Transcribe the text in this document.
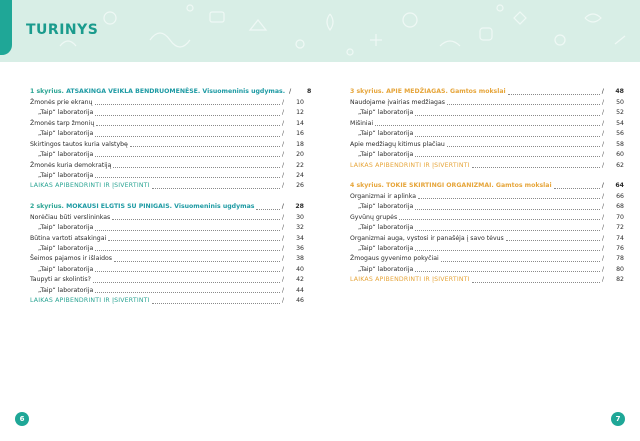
TURINYS
1 skyrius. ATSAKINGA VEIKLA BENDRUOMENĖSE. Visuomeninis ugdymas. /	8
Žmonės prie ekranų	/	10
„Taip“ laboratorija	/	12
Žmonės tarp žmonių	/	14
„Taip“ laboratorija	/	16
Skirtingos tautos kuria valstybę	/	18
„Taip“ laboratorija	/	20
Žmonės kuria demokratiją	/	22
„Taip“ laboratorija	/	24
LAIKAS APIBENDRINTI IR ĮSIVERTINTI	/	26
2 skyrius. MOKAUSI ELGTIS SU PINIGAIS. Visuomeninis ugdymas	/	28
Norėčiau būti verslininkas	/	30
„Taip“ laboratorija	/	32
Būtina vartoti atsakingai	/	34
„Taip“ laboratorija	/	36
Šeimos pajamos ir išlaidos	/	38
„Taip“ laboratorija	/	40
Taupyti ar skolintis?	/	42
„Taip“ laboratorija	/	44
LAIKAS APIBENDRINTI IR ĮSIVERTINTI	/	46
3 skyrius. APIE MEDŽIAGAS. Gamtos mokslai	/	48
Naudojame įvairias medžiagas	/	50
„Taip“ laboratorija	/	52
Mišiniai	/	54
„Taip“ laboratorija	/	56
Apie medžiagų kitimus plačiau	/	58
„Taip“ laboratorija	/	60
LAIKAS APIBENDRINTI IR ĮSIVERTINTI	/	62
4 skyrius. TOKIE SKIRTINGI ORGANIZMAI. Gamtos mokslai	/	64
Organizmai ir aplinka	/	66
„Taip“ laboratorija	/	68
Gyvūnų grupės	/	70
„Taip“ laboratorija	/	72
Organizmai auga, vystosi ir panašėja į savo tėvus	/	74
„Taip“ laboratorija	/	76
Žmogaus gyvenimo pokyčiai	/	78
„Taip“ laboratorija	/	80
LAIKAS APIBENDRINTI IR ĮSIVERTINTI	/	82
6	7
